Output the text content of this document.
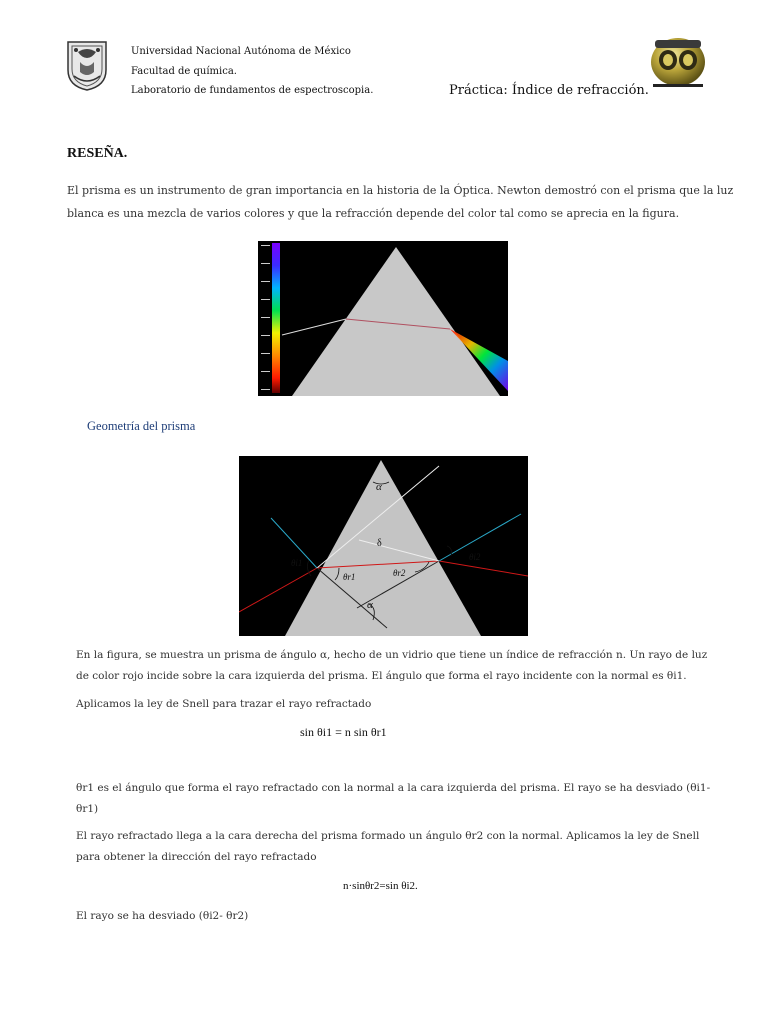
Universidad Nacional Autónoma de México
Facultad de química.
Laboratorio de fundamentos de espectroscopia.	Práctica: Índice de refracción.
RESEÑA.
El prisma es un instrumento de gran importancia en la historia de la Óptica. Newton demostró con el prisma que la luz
blanca es una mezcla de varios colores y que la refracción depende del color tal como se aprecia en la figura.
Geometría del prisma
α
δ
θi1
θr1	θr2
θi2
α
En la figura, se muestra un prisma de ángulo α, hecho de un vidrio que tiene un índice de refracción n. Un rayo de luz
de color rojo incide sobre la cara izquierda del prisma. El ángulo que forma el rayo incidente con la normal es θi1.
Aplicamos la ley de Snell para trazar el rayo refractado
sin θi1 = n sin θr1
θr1 es el ángulo que forma el rayo refractado con la normal a la cara izquierda del prisma. El rayo se ha desviado (θi1-
θr1)
El rayo refractado llega a la cara derecha del prisma formado un ángulo θr2 con la normal. Aplicamos la ley de Snell
para obtener la dirección del rayo refractado
n·sinθr2=sin θi2.
El rayo se ha desviado (θi2- θr2)
